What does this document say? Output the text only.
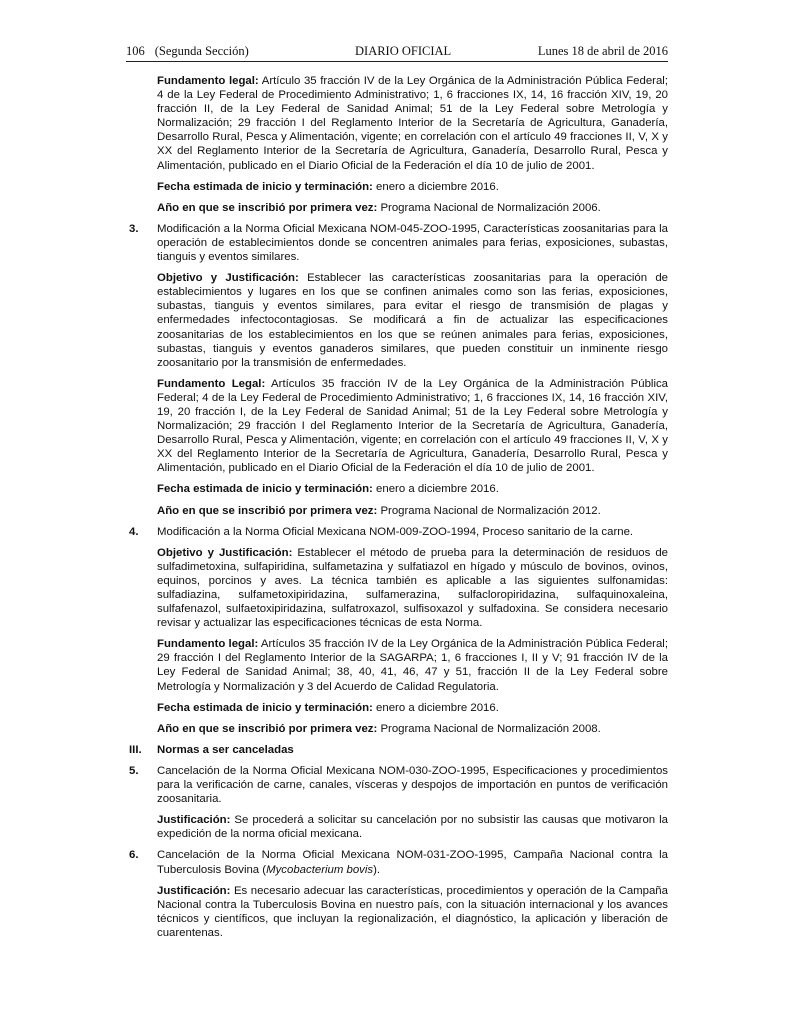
106 (Segunda Sección)	DIARIO OFICIAL	Lunes 18 de abril de 2016

Fundamento legal: Artículo 35 fracción IV de la Ley Orgánica de la Administración Pública Federal; 4 de la Ley Federal de Procedimiento Administrativo; 1, 6 fracciones IX, 14, 16 fracción XIV, 19, 20 fracción II, de la Ley Federal de Sanidad Animal; 51 de la Ley Federal sobre Metrología y Normalización; 29 fracción I del Reglamento Interior de la Secretaría de Agricultura, Ganadería, Desarrollo Rural, Pesca y Alimentación, vigente; en correlación con el artículo 49 fracciones II, V, X y XX del Reglamento Interior de la Secretaría de Agricultura, Ganadería, Desarrollo Rural, Pesca y Alimentación, publicado en el Diario Oficial de la Federación el día 10 de julio de 2001.

Fecha estimada de inicio y terminación: enero a diciembre 2016.

Año en que se inscribió por primera vez: Programa Nacional de Normalización 2006.

3. Modificación a la Norma Oficial Mexicana NOM-045-ZOO-1995, Características zoosanitarias para la operación de establecimientos donde se concentren animales para ferias, exposiciones, subastas, tianguis y eventos similares.

Objetivo y Justificación: Establecer las características zoosanitarias para la operación de establecimientos y lugares en los que se confinen animales como son las ferias, exposiciones, subastas, tianguis y eventos similares, para evitar el riesgo de transmisión de plagas y enfermedades infectocontagiosas. Se modificará a fin de actualizar las especificaciones zoosanitarias de los establecimientos en los que se reúnen animales para ferias, exposiciones, subastas, tianguis y eventos ganaderos similares, que pueden constituir un inminente riesgo zoosanitario por la transmisión de enfermedades.

Fundamento Legal: Artículos 35 fracción IV de la Ley Orgánica de la Administración Pública Federal; 4 de la Ley Federal de Procedimiento Administrativo; 1, 6 fracciones IX, 14, 16 fracción XIV, 19, 20 fracción I, de la Ley Federal de Sanidad Animal; 51 de la Ley Federal sobre Metrología y Normalización; 29 fracción I del Reglamento Interior de la Secretaría de Agricultura, Ganadería, Desarrollo Rural, Pesca y Alimentación, vigente; en correlación con el artículo 49 fracciones II, V, X y XX del Reglamento Interior de la Secretaría de Agricultura, Ganadería, Desarrollo Rural, Pesca y Alimentación, publicado en el Diario Oficial de la Federación el día 10 de julio de 2001.

Fecha estimada de inicio y terminación: enero a diciembre 2016.

Año en que se inscribió por primera vez: Programa Nacional de Normalización 2012.

4. Modificación a la Norma Oficial Mexicana NOM-009-ZOO-1994, Proceso sanitario de la carne.

Objetivo y Justificación: Establecer el método de prueba para la determinación de residuos de sulfadimetoxina, sulfapiridina, sulfametazina y sulfatiazol en hígado y músculo de bovinos, ovinos, equinos, porcinos y aves. La técnica también es aplicable a las siguientes sulfonamidas: sulfadiazina, sulfametoxipiridazina, sulfamerazina, sulfacloropiridazina, sulfaquinoxaleina, sulfafenazol, sulfaetoxipiridazina, sulfatroxazol, sulfisoxazol y sulfadoxina. Se considera necesario revisar y actualizar las especificaciones técnicas de esta Norma.

Fundamento legal: Artículos 35 fracción IV de la Ley Orgánica de la Administración Pública Federal; 29 fracción I del Reglamento Interior de la SAGARPA; 1, 6 fracciones I, II y V; 91 fracción IV de la Ley Federal de Sanidad Animal; 38, 40, 41, 46, 47 y 51, fracción II de la Ley Federal sobre Metrología y Normalización y 3 del Acuerdo de Calidad Regulatoria.

Fecha estimada de inicio y terminación: enero a diciembre 2016.

Año en que se inscribió por primera vez: Programa Nacional de Normalización 2008.

III. Normas a ser canceladas
5. Cancelación de la Norma Oficial Mexicana NOM-030-ZOO-1995, Especificaciones y procedimientos para la verificación de carne, canales, vísceras y despojos de importación en puntos de verificación zoosanitaria.

Justificación: Se procederá a solicitar su cancelación por no subsistir las causas que motivaron la expedición de la norma oficial mexicana.

6. Cancelación de la Norma Oficial Mexicana NOM-031-ZOO-1995, Campaña Nacional contra la Tuberculosis Bovina (Mycobacterium bovis).

Justificación: Es necesario adecuar las características, procedimientos y operación de la Campaña Nacional contra la Tuberculosis Bovina en nuestro país, con la situación internacional y los avances técnicos y científicos, que incluyan la regionalización, el diagnóstico, la aplicación y liberación de cuarentenas.
